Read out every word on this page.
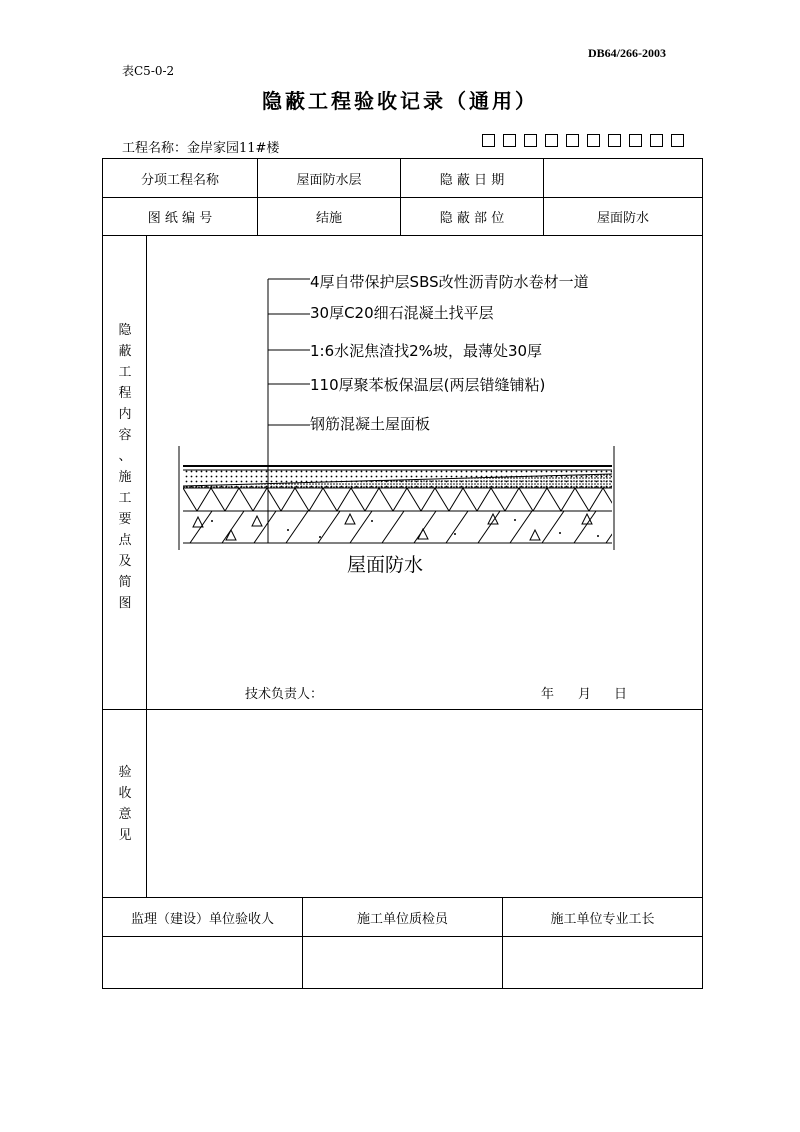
DB64/266-2003
表C5-0-2
隐蔽工程验收记录（通用）
工程名称：金岸家园11#楼
分项工程名称	屋面防水层	隐 蔽 日 期
图 纸 编 号	结施	隐 蔽 部 位	屋面防水
隐
蔽
工
程
内
容
、
施
工
要
点
及
简
图
4厚自带保护层SBS改性沥青防水卷材一道
30厚C20细石混凝土找平层
1:6水泥焦渣找2%坡，最薄处30厚
110厚聚苯板保温层(两层错缝铺粘)
钢筋混凝土屋面板
屋面防水
技术负责人：	年 月 日
验
收
意
见
监理（建设）单位验收人	施工单位质检员	施工单位专业工长
